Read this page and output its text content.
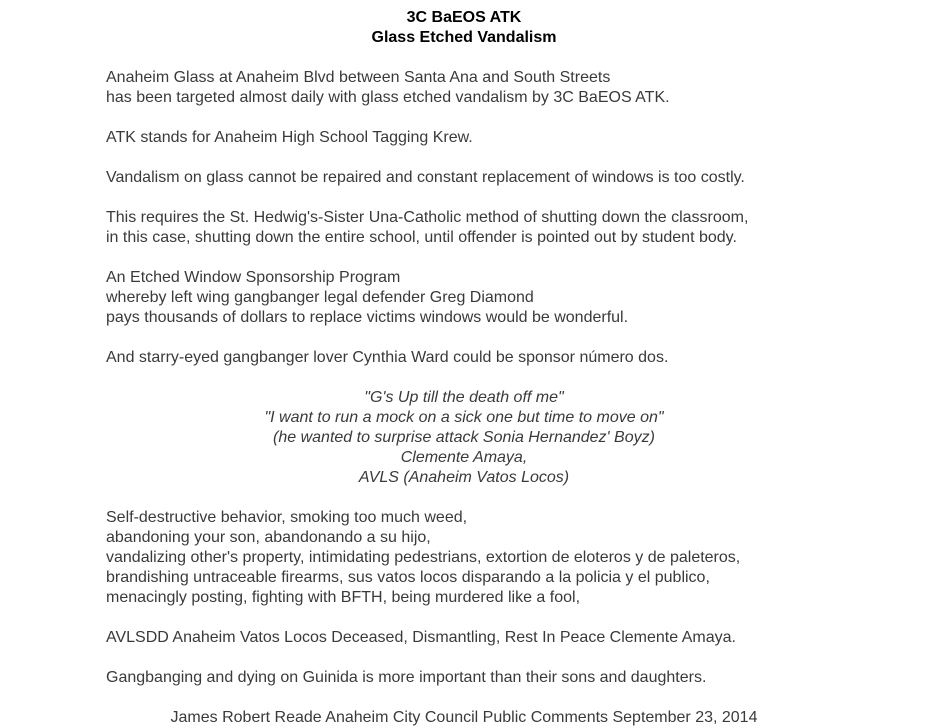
3C BaEOS ATK
Glass Etched Vandalism
Anaheim Glass at Anaheim Blvd between Santa Ana and South Streets
has been targeted almost daily with glass etched vandalism by 3C BaEOS ATK.
ATK stands for Anaheim High School Tagging Krew.
Vandalism on glass cannot be repaired and constant replacement of windows is too costly.
This requires the St. Hedwig's-Sister Una-Catholic method of shutting down the classroom,
in this case, shutting down the entire school, until offender is pointed out by student body.
An Etched Window Sponsorship Program
whereby left wing gangbanger legal defender Greg Diamond
pays thousands of dollars to replace victims windows would be wonderful.
And starry-eyed gangbanger lover Cynthia Ward could be sponsor número dos.
"G's Up till the death off me"
"I want to run a mock on a sick one but time to move on"
(he wanted to surprise attack Sonia Hernandez' Boyz)
Clemente Amaya,
AVLS (Anaheim Vatos Locos)
Self-destructive behavior, smoking too much weed,
abandoning your son, abandonando a su hijo,
vandalizing other's property, intimidating pedestrians, extortion de eloteros y de paleteros,
brandishing untraceable firearms, sus vatos locos disparando a la policia y el publico,
menacingly posting, fighting with BFTH, being murdered like a fool,
AVLSDD Anaheim Vatos Locos Deceased, Dismantling, Rest In Peace Clemente Amaya.
Gangbanging and dying on Guinida is more important than their sons and daughters.
James Robert Reade Anaheim City Council Public Comments September 23, 2014
